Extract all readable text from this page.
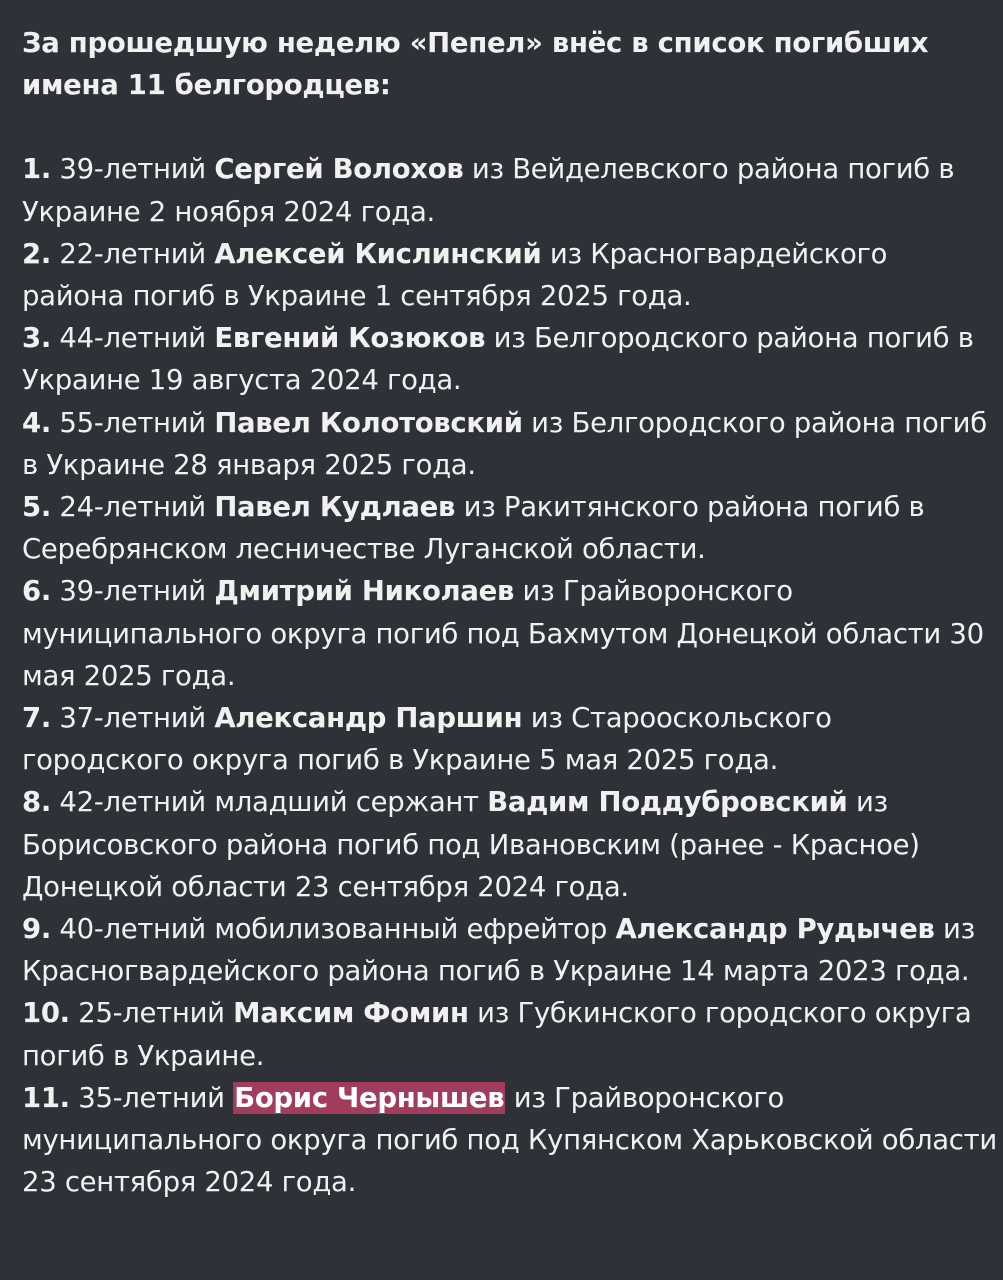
За прошедшую неделю «Пепел» внёс в список погибших имена 11 белгородцев:
1. 39-летний Сергей Волохов из Вейделевского района погиб в Украине 2 ноября 2024 года.
2. 22-летний Алексей Кислинский из Красногвардейского района погиб в Украине 1 сентября 2025 года.
3. 44-летний Евгений Козюков из Белгородского района погиб в Украине 19 августа 2024 года.
4. 55-летний Павел Колотовский из Белгородского района погиб в Украине 28 января 2025 года.
5. 24-летний Павел Кудлаев из Ракитянского района погиб в Серебрянском лесничестве Луганской области.
6. 39-летний Дмитрий Николаев из Грайворонского муниципального округа погиб под Бахмутом Донецкой области 30 мая 2025 года.
7. 37-летний Александр Паршин из Старооскольского городского округа погиб в Украине 5 мая 2025 года.
8. 42-летний младший сержант Вадим Поддубровский из Борисовского района погиб под Ивановским (ранее - Красное) Донецкой области 23 сентября 2024 года.
9. 40-летний мобилизованный ефрейтор Александр Рудычев из Красногвардейского района погиб в Украине 14 марта 2023 года.
10. 25-летний Максим Фомин из Губкинского городского округа погиб в Украине.
11. 35-летний Борис Чернышев из Грайворонского муниципального округа погиб под Купянском Харьковской области 23 сентября 2024 года.
